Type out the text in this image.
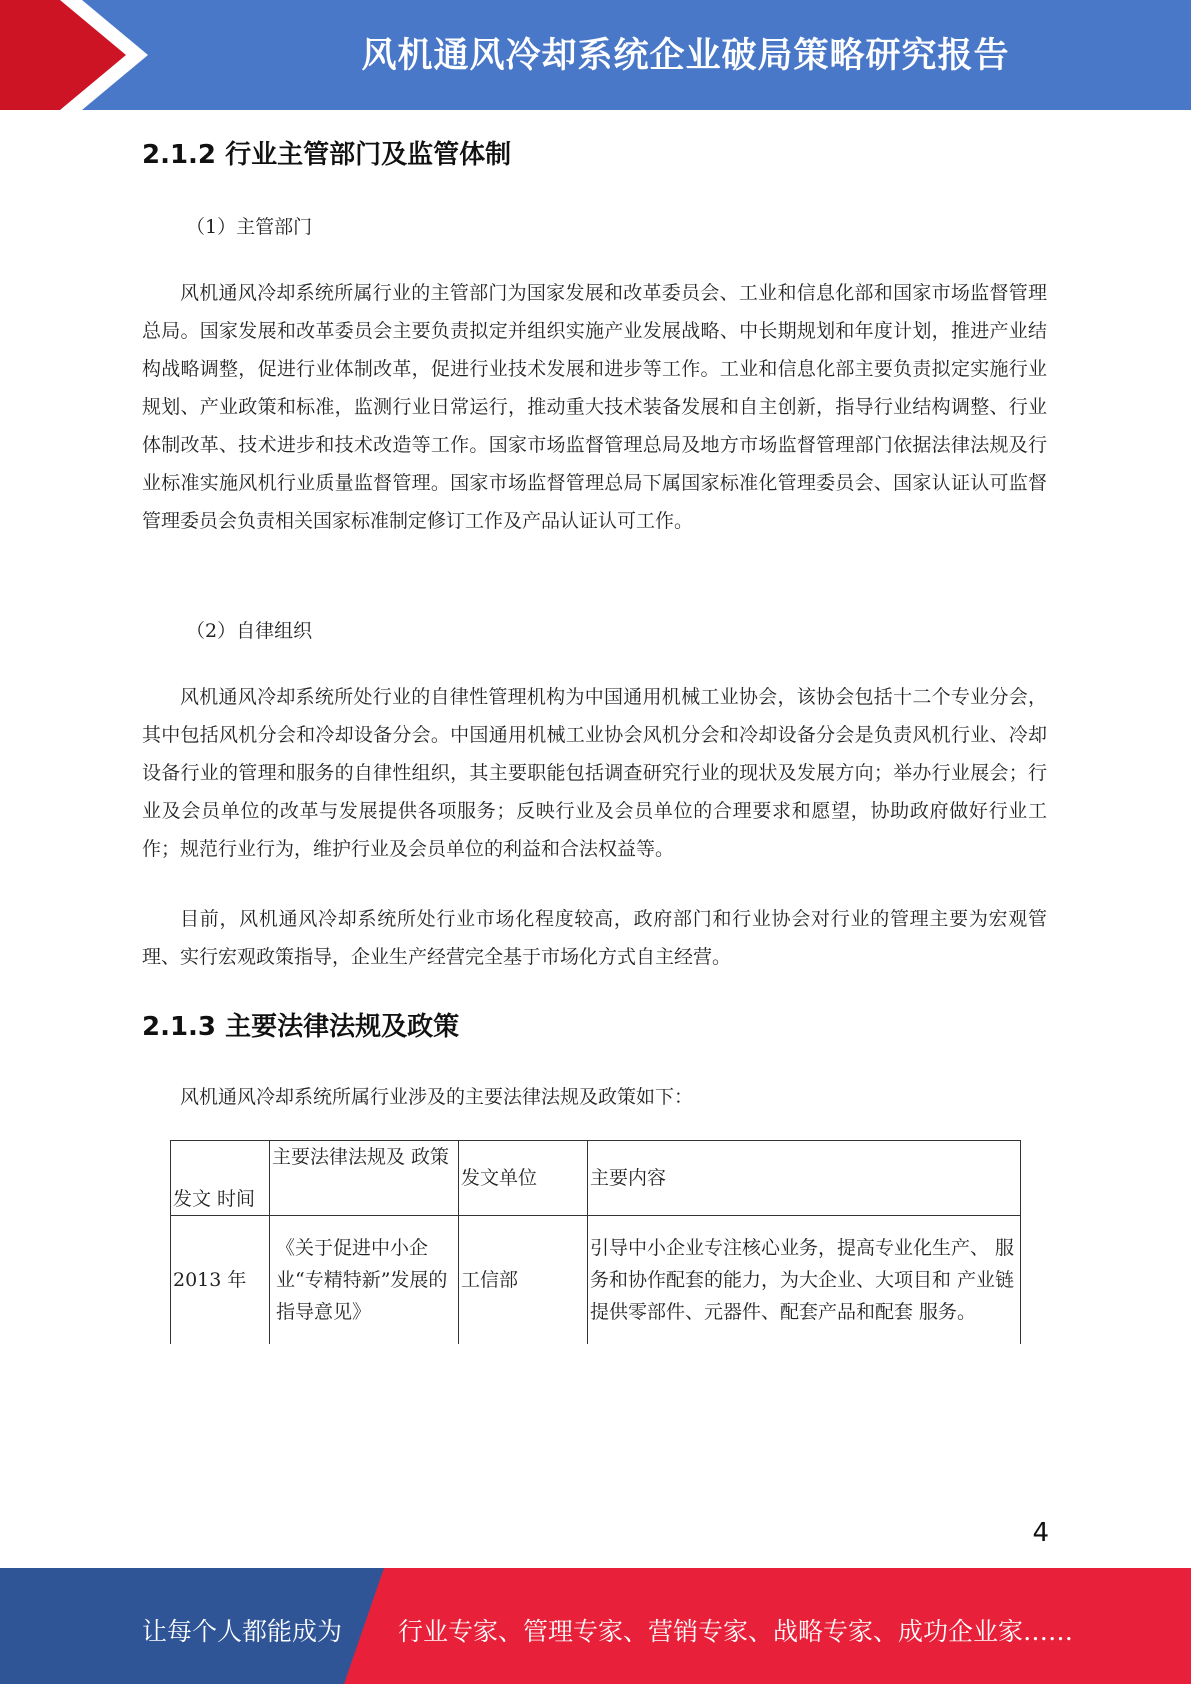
风机通风冷却系统企业破局策略研究报告
2.1.2 行业主管部门及监管体制
（1）主管部门

风机通风冷却系统所属行业的主管部门为国家发展和改革委员会、工业和信息化部和国家市场监督管理总局。国家发展和改革委员会主要负责拟定并组织实施产业发展战略、中长期规划和年度计划，推进产业结构战略调整，促进行业体制改革，促进行业技术发展和进步等工作。工业和信息化部主要负责拟定实施行业规划、产业政策和标准，监测行业日常运行，推动重大技术装备发展和自主创新，指导行业结构调整、行业体制改革、技术进步和技术改造等工作。国家市场监督管理总局及地方市场监督管理部门依据法律法规及行业标准实施风机行业质量监督管理。国家市场监督管理总局下属国家标准化管理委员会、国家认证认可监督管理委员会负责相关国家标准制定修订工作及产品认证认可工作。

（2）自律组织

风机通风冷却系统所处行业的自律性管理机构为中国通用机械工业协会，该协会包括十二个专业分会，其中包括风机分会和冷却设备分会。中国通用机械工业协会风机分会和冷却设备分会是负责风机行业、冷却设备行业的管理和服务的自律性组织，其主要职能包括调查研究行业的现状及发展方向；举办行业展会；行业及会员单位的改革与发展提供各项服务；反映行业及会员单位的合理要求和愿望，协助政府做好行业工作；规范行业行为，维护行业及会员单位的利益和合法权益等。

目前，风机通风冷却系统所处行业市场化程度较高，政府部门和行业协会对行业的管理主要为宏观管理、实行宏观政策指导，企业生产经营完全基于市场化方式自主经营。

2.1.3 主要法律法规及政策

风机通风冷却系统所属行业涉及的主要法律法规及政策如下：

发文 时间	主要法律法规及 政策	发文单位	主要内容
2013 年	《关于促进中小企业“专精特新”发展的指导意见》	工信部	引导中小企业专注核心业务，提高专业化生产、 服务和协作配套的能力，为大企业、大项目和 产业链提供零部件、元器件、配套产品和配套 服务。
4
让每个人都能成为 行业专家、管理专家、营销专家、战略专家、成功企业家……
